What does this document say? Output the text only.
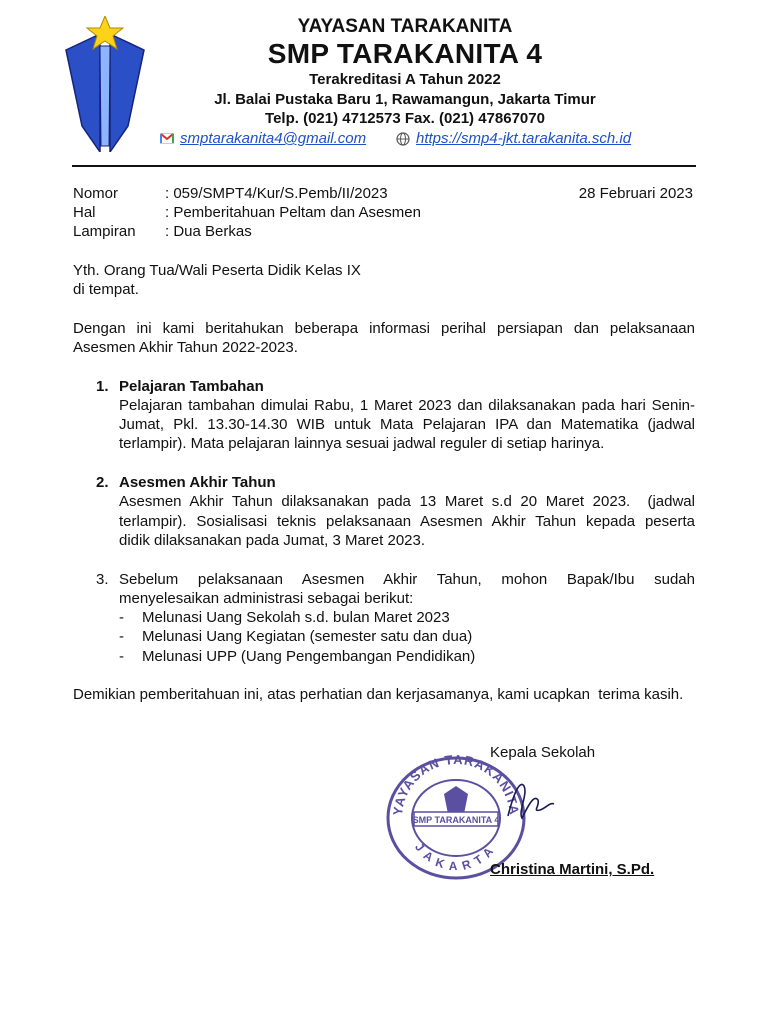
YAYASAN TARAKANITA
SMP TARAKANITA 4
Terakreditasi A Tahun 2022
Jl. Balai Pustaka Baru 1, Rawamangun, Jakarta Timur
Telp. (021) 4712573 Fax. (021) 47867070
smptarakanita4@gmail.com	https://smp4-jkt.tarakanita.sch.id
Nomor	: 059/SMPT4/Kur/S.Pemb/II/2023	28 Februari 2023
Hal	: Pemberitahuan Peltam dan Asesmen
Lampiran	: Dua Berkas
Yth. Orang Tua/Wali Peserta Didik Kelas IX
di tempat.
Dengan ini kami beritahukan beberapa informasi perihal persiapan dan pelaksanaan
Asesmen Akhir Tahun 2022-2023.
1. Pelajaran Tambahan
Pelajaran tambahan dimulai Rabu, 1 Maret 2023 dan dilaksanakan pada hari Senin-
Jumat, Pkl. 13.30-14.30 WIB untuk Mata Pelajaran IPA dan Matematika (jadwal
terlampir). Mata pelajaran lainnya sesuai jadwal reguler di setiap harinya.
2. Asesmen Akhir Tahun
Asesmen Akhir Tahun dilaksanakan pada 13 Maret s.d 20 Maret 2023.  (jadwal
terlampir). Sosialisasi teknis pelaksanaan Asesmen Akhir Tahun kepada peserta
didik dilaksanakan pada Jumat, 3 Maret 2023.
3. Sebelum pelaksanaan Asesmen Akhir Tahun, mohon Bapak/Ibu sudah
menyelesaikan administrasi sebagai berikut:
- Melunasi Uang Sekolah s.d. bulan Maret 2023
- Melunasi Uang Kegiatan (semester satu dan dua)
- Melunasi UPP (Uang Pengembangan Pendidikan)
Demikian pemberitahuan ini, atas perhatian dan kerjasamanya, kami ucapkan  terima kasih.
Kepala Sekolah
YAYASAN TARAKANITA
SMP TARAKANITA 4
JAKARTA
Christina Martini, S.Pd.
